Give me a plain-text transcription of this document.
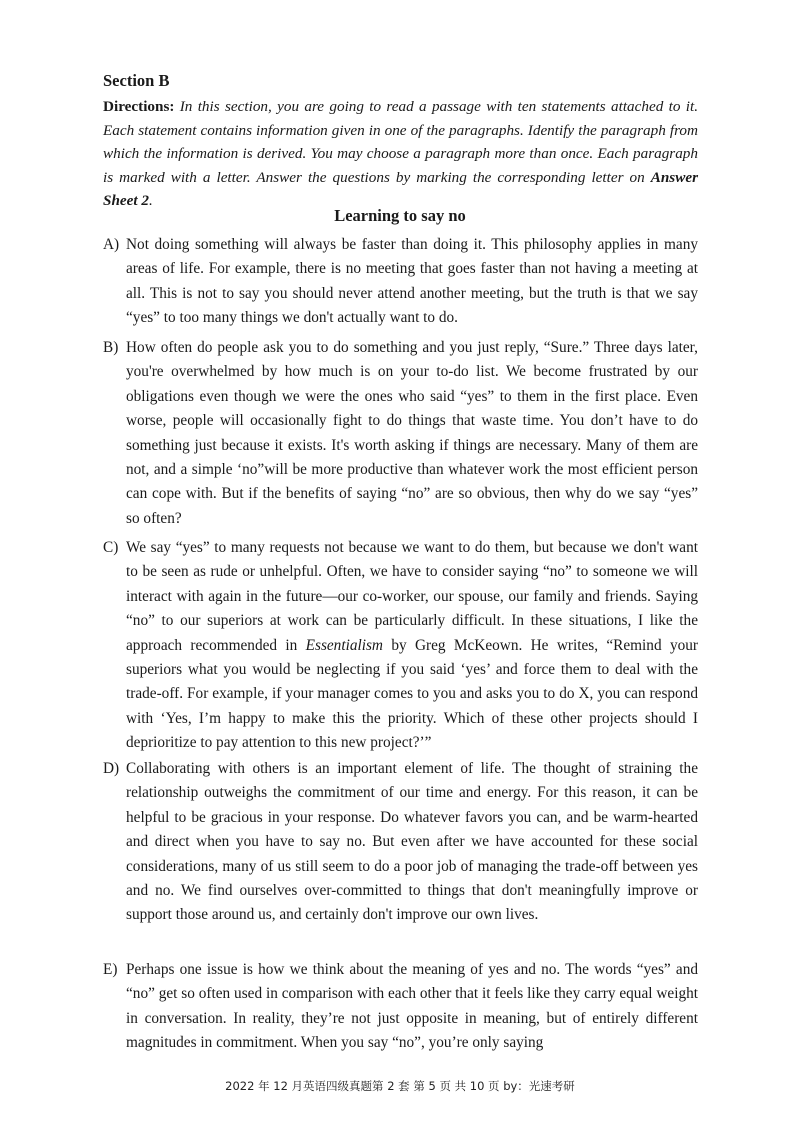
Section B
Directions: In this section, you are going to read a passage with ten statements attached to it. Each statement contains information given in one of the paragraphs. Identify the paragraph from which the information is derived. You may choose a paragraph more than once. Each paragraph is marked with a letter. Answer the questions by marking the corresponding letter on Answer Sheet 2.
Learning to say no
A) Not doing something will always be faster than doing it. This philosophy applies in many areas of life. For example, there is no meeting that goes faster than not having a meeting at all. This is not to say you should never attend another meeting, but the truth is that we say “yes” to too many things we don't actually want to do.
B) How often do people ask you to do something and you just reply, “Sure.” Three days later, you're overwhelmed by how much is on your to-do list. We become frustrated by our obligations even though we were the ones who said “yes” to them in the first place. Even worse, people will occasionally fight to do things that waste time. You don’t have to do something just because it exists. It's worth asking if things are necessary. Many of them are not, and a simple ‘no”will be more productive than whatever work the most efficient person can cope with. But if the benefits of saying “no” are so obvious, then why do we say “yes” so often?
C) We say “yes” to many requests not because we want to do them, but because we don't want to be seen as rude or unhelpful. Often, we have to consider saying “no” to someone we will interact with again in the future—our co-worker, our spouse, our family and friends. Saying “no” to our superiors at work can be particularly difficult. In these situations, I like the approach recommended in Essentialism by Greg McKeown. He writes, “Remind your superiors what you would be neglecting if you said ‘yes’ and force them to deal with the trade-off. For example, if your manager comes to you and asks you to do X, you can respond with ‘Yes, I’m happy to make this the priority. Which of these other projects should I deprioritize to pay attention to this new project?’”
D) Collaborating with others is an important element of life. The thought of straining the relationship outweighs the commitment of our time and energy. For this reason, it can be helpful to be gracious in your response. Do whatever favors you can, and be warm-hearted and direct when you have to say no. But even after we have accounted for these social considerations, many of us still seem to do a poor job of managing the trade-off between yes and no. We find ourselves over-committed to things that don't meaningfully improve or support those around us, and certainly don't improve our own lives.
E) Perhaps one issue is how we think about the meaning of yes and no. The words “yes” and “no” get so often used in comparison with each other that it feels like they carry equal weight in conversation. In reality, they’re not just opposite in meaning, but of entirely different magnitudes in commitment. When you say “no”, you’re only saying
2022 年 12 月英语四级真题第 2 套 第 5 页 共 10 页 by：光速考研
